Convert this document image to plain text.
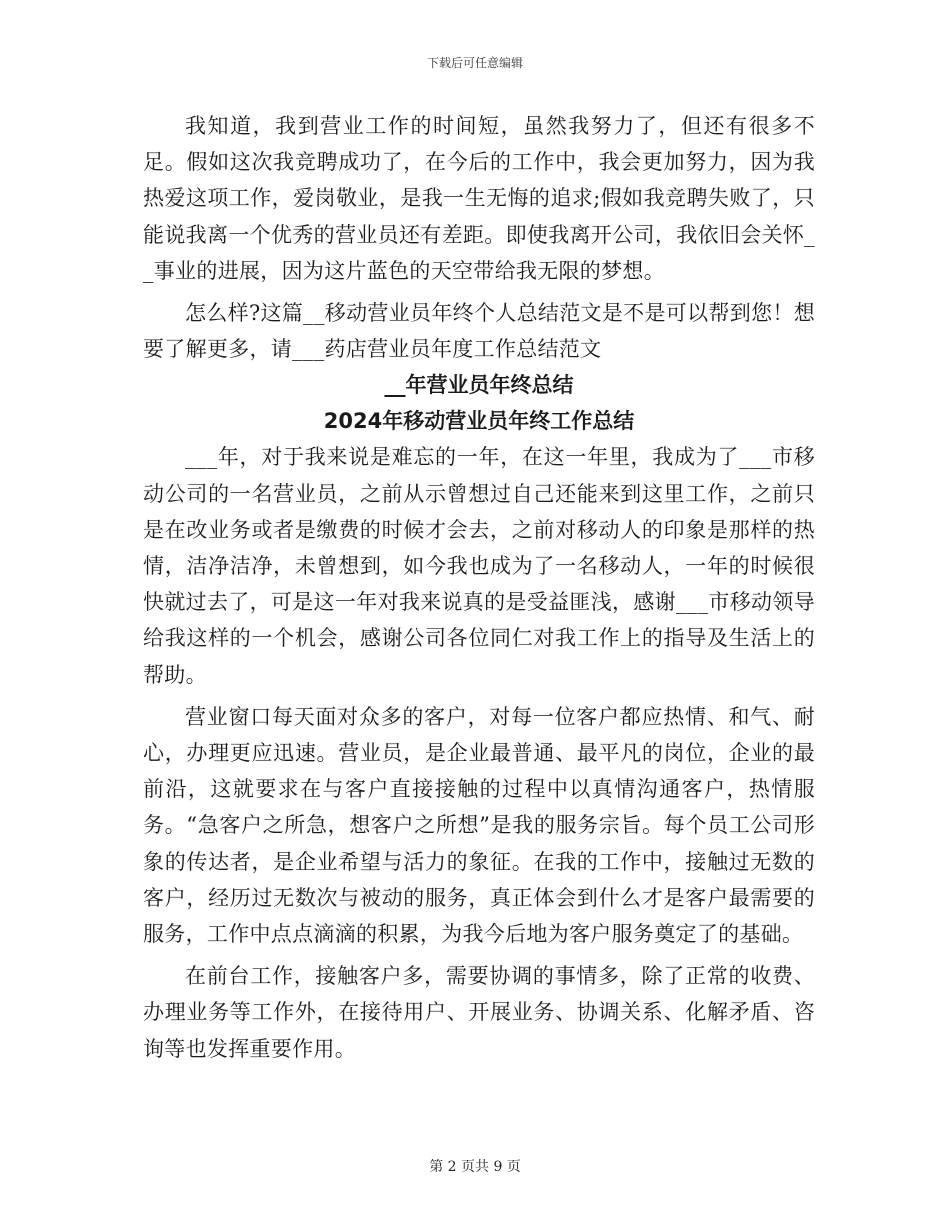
下载后可任意编辑

我知道，我到营业工作的时间短，虽然我努力了，但还有很多不足。假如这次我竞聘成功了，在今后的工作中，我会更加努力，因为我热爱这项工作，爱岗敬业，是我一生无悔的追求;假如我竞聘失败了，只能说我离一个优秀的营业员还有差距。即使我离开公司，我依旧会关怀__事业的进展，因为这片蓝色的天空带给我无限的梦想。

怎么样?这篇__移动营业员年终个人总结范文是不是可以帮到您！想要了解更多，请___药店营业员年度工作总结范文

__年营业员年终总结

2024年移动营业员年终工作总结

___年，对于我来说是难忘的一年，在这一年里，我成为了___市移动公司的一名营业员，之前从示曾想过自己还能来到这里工作，之前只是在改业务或者是缴费的时候才会去，之前对移动人的印象是那样的热情，洁净洁净，未曾想到，如今我也成为了一名移动人，一年的时候很快就过去了，可是这一年对我来说真的是受益匪浅，感谢___市移动领导给我这样的一个机会，感谢公司各位同仁对我工作上的指导及生活上的帮助。

营业窗口每天面对众多的客户，对每一位客户都应热情、和气、耐心，办理更应迅速。营业员，是企业最普通、最平凡的岗位，企业的最前沿，这就要求在与客户直接接触的过程中以真情沟通客户，热情服务。“急客户之所急，想客户之所想”是我的服务宗旨。每个员工公司形象的传达者，是企业希望与活力的象征。在我的工作中，接触过无数的客户，经历过无数次与被动的服务，真正体会到什么才是客户最需要的服务，工作中点点滴滴的积累，为我今后地为客户服务奠定了的基础。

在前台工作，接触客户多，需要协调的事情多，除了正常的收费、办理业务等工作外，在接待用户、开展业务、协调关系、化解矛盾、咨询等也发挥重要作用。

第 2 页共 9 页
